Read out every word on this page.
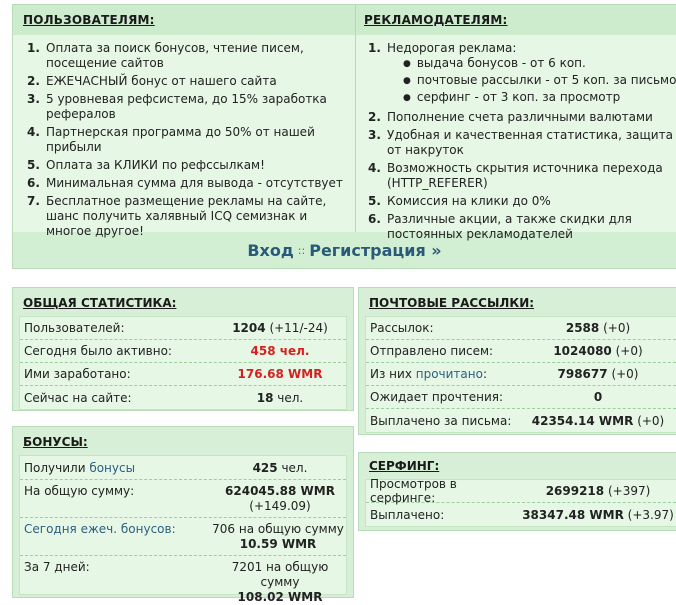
ПОЛЬЗОВАТЕЛЯМ:	РЕКЛАМОДАТЕЛЯМ:
1. Оплата за поиск бонусов, чтение писем, посещение сайтов
2. ЕЖЕЧАСНЫЙ бонус от нашего сайта
3. 5 уровневая рефсистема, до 15% заработка рефералов
4. Партнерская программа до 50% от нашей прибыли
5. Оплата за КЛИКИ по рефссылкам!
6. Минимальная сумма для вывода - отсутствует
7. Бесплатное размещение рекламы на сайте, шанс получить халявный ICQ семизнак и многое другое!
1. Недорогая реклама:
● выдача бонусов - от 6 коп.
● почтовые рассылки - от 5 коп. за письмо
● серфинг - от 3 коп. за просмотр
2. Пополнение счета различными валютами
3. Удобная и качественная статистика, защита от накруток
4. Возможность скрытия источника перехода (HTTP_REFERER)
5. Комиссия на клики до 0%
6. Различные акции, а также скидки для постоянных рекламодателей
Вход :: Регистрация »
ОБЩАЯ СТАТИСТИКА:
Пользователей:	1204 (+11/-24)
Сегодня было активно:	458 чел.
Ими заработано:	176.68 WMR
Сейчас на сайте:	18 чел.
БОНУСЫ:
Получили бонусы	425 чел.
На общую сумму:	624045.88 WMR
(+149.09)
Сегодня ежеч. бонусов:	706 на общую сумму 10.59 WMR
За 7 дней:	7201 на общую сумму
108.02 WMR
ПОЧТОВЫЕ РАССЫЛКИ:
Рассылок:	2588 (+0)
Отправлено писем:	1024080 (+0)
Из них прочитано:	798677 (+0)
Ожидает прочтения:	0
Выплачено за письма:	42354.14 WMR (+0)
СЕРФИНГ:
Просмотров в серфинге:	2699218 (+397)
Выплачено:	38347.48 WMR (+3.97)
